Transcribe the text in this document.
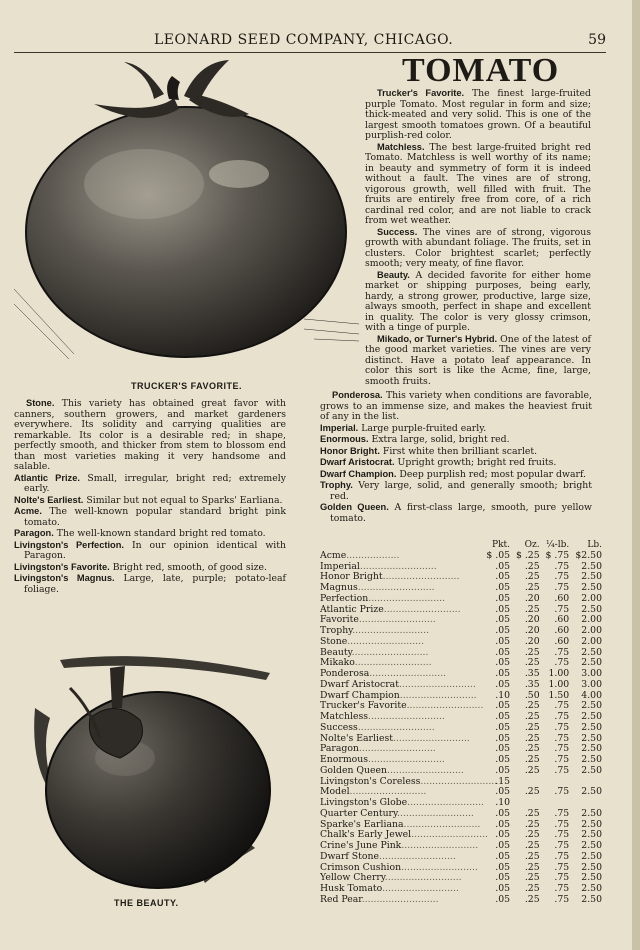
LEONARD SEED COMPANY, CHICAGO.	59
TOMATO
TRUCKER'S FAVORITE.

Trucker's Favorite. The finest large-fruited purple Tomato. Most regular in form and size; thick-meated and very solid. This is one of the largest smooth tomatoes grown. Of a beautiful purplish-red color.

Matchless. The best large-fruited bright red Tomato. Matchless is well worthy of its name; in beauty and symmetry of form it is indeed without a fault. The vines are of strong, vigorous growth, well filled with fruit. The fruits are entirely free from core, of a rich cardinal red color, and are not liable to crack from wet weather.

Success. The vines are of strong, vigorous growth with abundant foliage. The fruits, set in clusters. Color brightest scarlet; perfectly smooth; very meaty, of fine flavor.

Beauty. A decided favorite for either home market or shipping purposes, being early, hardy, a strong grower, productive, large size, always smooth, perfect in shape and excellent in quality. The color is very glossy crimson, with a tinge of purple.

Mikado, or Turner's Hybrid. One of the latest of the good market varieties. The vines are very distinct. Have a potato leaf appearance. In color this sort is like the Acme, fine, large, smooth fruits.

Ponderosa. This variety when conditions are favorable, grows to an immense size, and makes the heaviest fruit of any in the list.

Imperial. Large purple-fruited early.

Enormous. Extra large, solid, bright red.

Honor Bright. First white then brilliant scarlet.

Dwarf Aristocrat. Upright growth; bright red fruits.

Dwarf Champion. Deep purplish red; most popular dwarf.

Trophy. Very large, solid, and generally smooth; bright red.

Golden Queen. A first-class large, smooth, pure yellow tomato.

Stone. This variety has obtained great favor with canners, southern growers, and market gardeners everywhere. Its solidity and carrying qualities are remarkable. Its color is a desirable red; in shape, perfectly smooth, and thicker from stem to blossom end than most varieties making it very handsome and salable.

Atlantic Prize. Small, irregular, bright red; extremely early.

Nolte's Earliest. Similar but not equal to Sparks' Earliana.

Acme. The well-known popular standard bright pink tomato.

Paragon. The well-known standard bright red tomato.

Livingston's Perfection. In our opinion identical with Paragon.

Livingston's Favorite. Bright red, smooth, of good size.

Livingston's Magnus. Large, late, purple; potato-leaf foliage.

THE BEAUTY.
	Pkt.	Oz.	¼-lb.	Lb.
Acme..................	$ .05	$ .25	$ .75	$2.50
Imperial..........................	.05	.25	.75	2.50
Honor Bright..........................	.05	.25	.75	2.50
Magnus..........................	.05	.25	.75	2.50
Perfection..........................	.05	.20	.60	2.00
Atlantic Prize..........................	.05	.25	.75	2.50
Favorite..........................	.05	.20	.60	2.00
Trophy..........................	.05	.20	.60	2.00
Stone..........................	.05	.20	.60	2.00
Beauty..........................	.05	.25	.75	2.50
Mikako..........................	.05	.25	.75	2.50
Ponderosa..........................	.05	.35	1.00	3.00
Dwarf Aristocrat..........................	.05	.35	1.00	3.00
Dwarf Champion..........................	.10	.50	1.50	4.00
Trucker's Favorite..........................	.05	.25	.75	2.50
Matchless..........................	.05	.25	.75	2.50
Success..........................	.05	.25	.75	2.50
Nolte's Earliest..........................	.05	.25	.75	2.50
Paragon..........................	.05	.25	.75	2.50
Enormous..........................	.05	.25	.75	2.50
Golden Queen..........................	.05	.25	.75	2.50
Livingston's Coreless..........................	.15			
Model..........................	.05	.25	.75	2.50
Livingston's Globe..........................	.10			
Quarter Century..........................	.05	.25	.75	2.50
Sparke's Earliana..........................	.05	.25	.75	2.50
Chalk's Early Jewel..........................	.05	.25	.75	2.50
Crine's June Pink..........................	.05	.25	.75	2.50
Dwarf Stone..........................	.05	.25	.75	2.50
Crimson Cushion..........................	.05	.25	.75	2.50
Yellow Cherry..........................	.05	.25	.75	2.50
Husk Tomato..........................	.05	.25	.75	2.50
Red Pear..........................	.05	.25	.75	2.50
